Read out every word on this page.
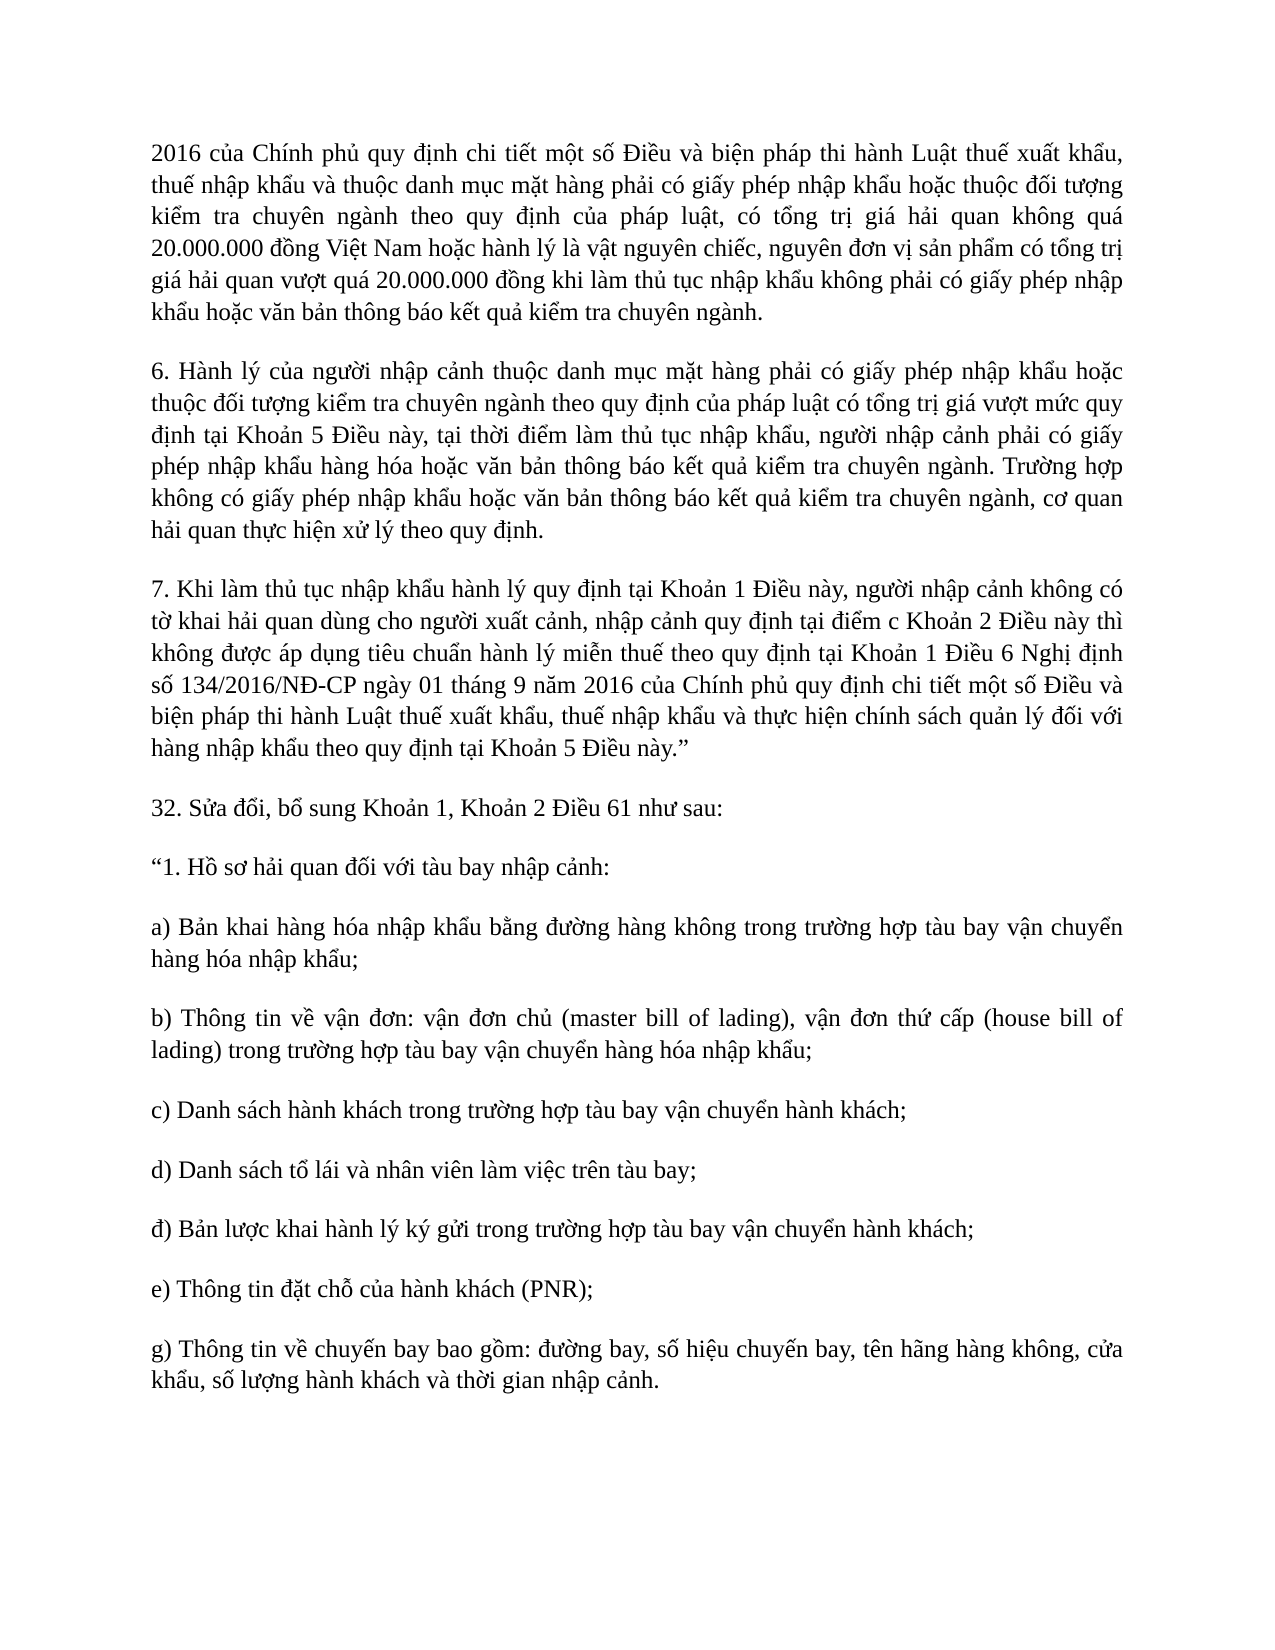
2016 của Chính phủ quy định chi tiết một số Điều và biện pháp thi hành Luật thuế xuất khẩu, thuế nhập khẩu và thuộc danh mục mặt hàng phải có giấy phép nhập khẩu hoặc thuộc đối tượng kiểm tra chuyên ngành theo quy định của pháp luật, có tổng trị giá hải quan không quá 20.000.000 đồng Việt Nam hoặc hành lý là vật nguyên chiếc, nguyên đơn vị sản phẩm có tổng trị giá hải quan vượt quá 20.000.000 đồng khi làm thủ tục nhập khẩu không phải có giấy phép nhập khẩu hoặc văn bản thông báo kết quả kiểm tra chuyên ngành.

6. Hành lý của người nhập cảnh thuộc danh mục mặt hàng phải có giấy phép nhập khẩu hoặc thuộc đối tượng kiểm tra chuyên ngành theo quy định của pháp luật có tổng trị giá vượt mức quy định tại Khoản 5 Điều này, tại thời điểm làm thủ tục nhập khẩu, người nhập cảnh phải có giấy phép nhập khẩu hàng hóa hoặc văn bản thông báo kết quả kiểm tra chuyên ngành. Trường hợp không có giấy phép nhập khẩu hoặc văn bản thông báo kết quả kiểm tra chuyên ngành, cơ quan hải quan thực hiện xử lý theo quy định.

7. Khi làm thủ tục nhập khẩu hành lý quy định tại Khoản 1 Điều này, người nhập cảnh không có tờ khai hải quan dùng cho người xuất cảnh, nhập cảnh quy định tại điểm c Khoản 2 Điều này thì không được áp dụng tiêu chuẩn hành lý miễn thuế theo quy định tại Khoản 1 Điều 6 Nghị định số 134/2016/NĐ-CP ngày 01 tháng 9 năm 2016 của Chính phủ quy định chi tiết một số Điều và biện pháp thi hành Luật thuế xuất khẩu, thuế nhập khẩu và thực hiện chính sách quản lý đối với hàng nhập khẩu theo quy định tại Khoản 5 Điều này.”

32. Sửa đổi, bổ sung Khoản 1, Khoản 2 Điều 61 như sau:

“1. Hồ sơ hải quan đối với tàu bay nhập cảnh:

a) Bản khai hàng hóa nhập khẩu bằng đường hàng không trong trường hợp tàu bay vận chuyển hàng hóa nhập khẩu;

b) Thông tin về vận đơn: vận đơn chủ (master bill of lading), vận đơn thứ cấp (house bill of lading) trong trường hợp tàu bay vận chuyển hàng hóa nhập khẩu;

c) Danh sách hành khách trong trường hợp tàu bay vận chuyển hành khách;

d) Danh sách tổ lái và nhân viên làm việc trên tàu bay;

đ) Bản lược khai hành lý ký gửi trong trường hợp tàu bay vận chuyển hành khách;

e) Thông tin đặt chỗ của hành khách (PNR);

g) Thông tin về chuyến bay bao gồm: đường bay, số hiệu chuyến bay, tên hãng hàng không, cửa khẩu, số lượng hành khách và thời gian nhập cảnh.
